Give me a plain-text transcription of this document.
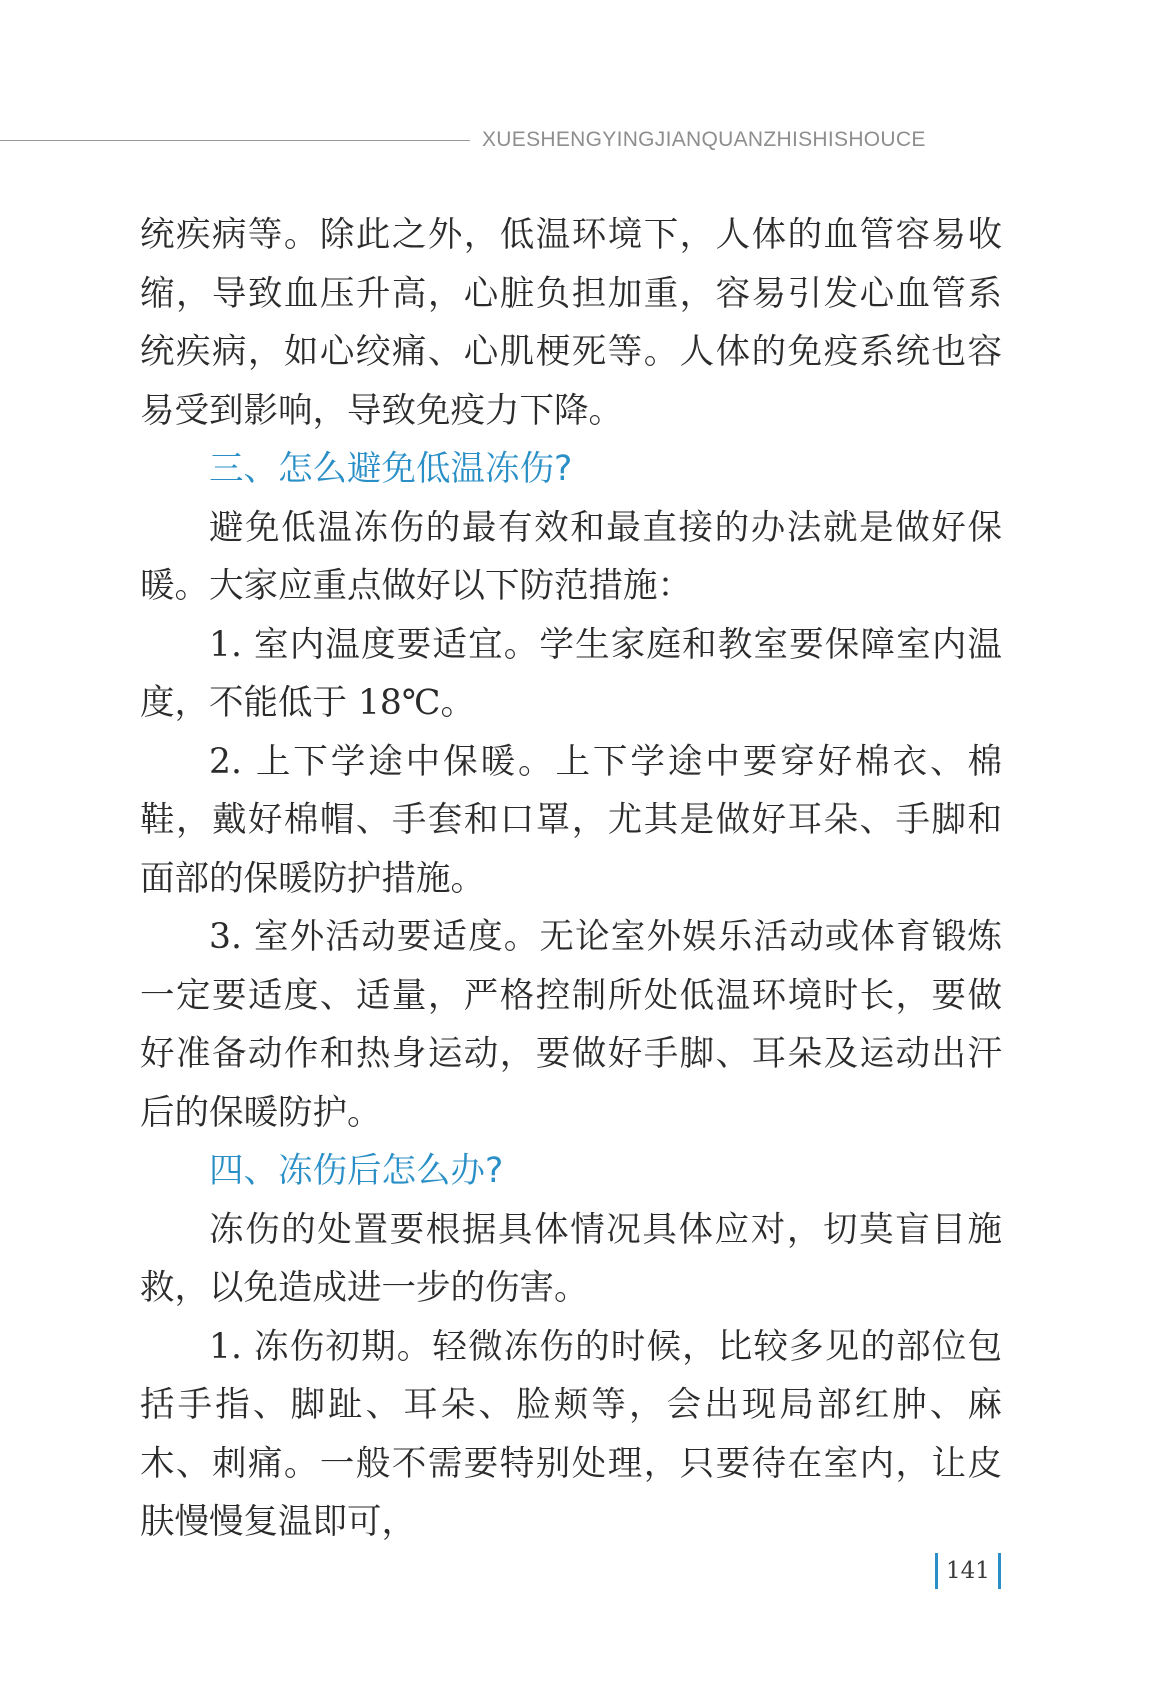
XUESHENGYINGJIANQUANZHISHISHOUCE

统疾病等。除此之外，低温环境下，人体的血管容易收缩，导致血压升高，心脏负担加重，容易引发心血管系统疾病，如心绞痛、心肌梗死等。人体的免疫系统也容易受到影响，导致免疫力下降。

三、怎么避免低温冻伤?

避免低温冻伤的最有效和最直接的办法就是做好保暖。大家应重点做好以下防范措施：

1. 室内温度要适宜。学生家庭和教室要保障室内温度，不能低于 18℃。

2. 上下学途中保暖。上下学途中要穿好棉衣、棉鞋，戴好棉帽、手套和口罩，尤其是做好耳朵、手脚和面部的保暖防护措施。

3. 室外活动要适度。无论室外娱乐活动或体育锻炼一定要适度、适量，严格控制所处低温环境时长，要做好准备动作和热身运动，要做好手脚、耳朵及运动出汗后的保暖防护。

四、冻伤后怎么办?

冻伤的处置要根据具体情况具体应对，切莫盲目施救，以免造成进一步的伤害。

1. 冻伤初期。轻微冻伤的时候，比较多见的部位包括手指、脚趾、耳朵、脸颊等，会出现局部红肿、麻木、刺痛。一般不需要特别处理，只要待在室内，让皮肤慢慢复温即可，

141
